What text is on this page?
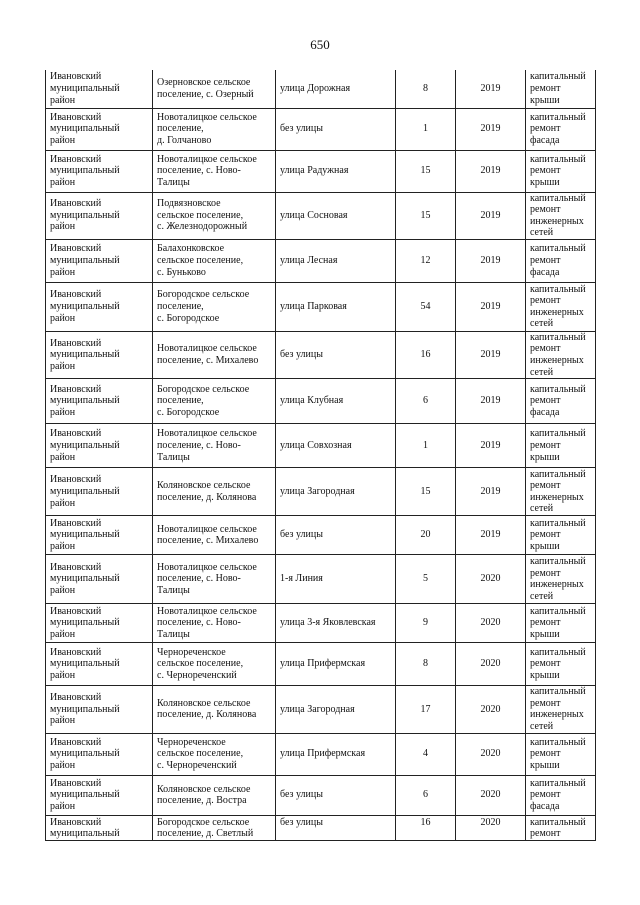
650
Ивановский
муниципальный
район	Озерновское сельское
поселение, с. Озерный	улица Дорожная	8	2019	капитальный
ремонт крыши
Ивановский
муниципальный
район	Новоталицкое сельское
поселение,
д. Голчаново	без улицы	1	2019	капитальный
ремонт фасада
Ивановский
муниципальный
район	Новоталицкое сельское
поселение, с. Ново-
Талицы	улица Радужная	15	2019	капитальный
ремонт крыши
Ивановский
муниципальный
район	Подвязновское
сельское поселение,
с. Железнодорожный	улица Сосновая	15	2019	капитальный
ремонт
инженерных
сетей
Ивановский
муниципальный
район	Балахонковское
сельское поселение,
с. Буньково	улица Лесная	12	2019	капитальный
ремонт фасада
Ивановский
муниципальный
район	Богородское сельское
поселение,
с. Богородское	улица Парковая	54	2019	капитальный
ремонт
инженерных
сетей
Ивановский
муниципальный
район	Новоталицкое сельское
поселение, с. Михалево	без улицы	16	2019	капитальный
ремонт
инженерных
сетей
Ивановский
муниципальный
район	Богородское сельское
поселение,
с. Богородское	улица Клубная	6	2019	капитальный
ремонт фасада
Ивановский
муниципальный
район	Новоталицкое сельское
поселение, с. Ново-
Талицы	улица Совхозная	1	2019	капитальный
ремонт крыши
Ивановский
муниципальный
район	Коляновское сельское
поселение, д. Колянова	улица Загородная	15	2019	капитальный
ремонт
инженерных
сетей
Ивановский
муниципальный
район	Новоталицкое сельское
поселение, с. Михалево	без улицы	20	2019	капитальный
ремонт крыши
Ивановский
муниципальный
район	Новоталицкое сельское
поселение, с. Ново-
Талицы	1-я Линия	5	2020	капитальный
ремонт
инженерных
сетей
Ивановский
муниципальный
район	Новоталицкое сельское
поселение, с. Ново-
Талицы	улица 3-я Яковлевская	9	2020	капитальный
ремонт крыши
Ивановский
муниципальный
район	Чернореченское
сельское поселение,
с. Чернореченский	улица Прифермская	8	2020	капитальный
ремонт крыши
Ивановский
муниципальный
район	Коляновское сельское
поселение, д. Колянова	улица Загородная	17	2020	капитальный
ремонт
инженерных
сетей
Ивановский
муниципальный
район	Чернореченское
сельское поселение,
с. Чернореченский	улица Прифермская	4	2020	капитальный
ремонт крыши
Ивановский
муниципальный
район	Коляновское сельское
поселение, д. Вострa	без улицы	6	2020	капитальный
ремонт фасада
Ивановский
муниципальный	Богородское сельское
поселение, д. Светлый	без улицы	16	2020	капитальный
ремонт
